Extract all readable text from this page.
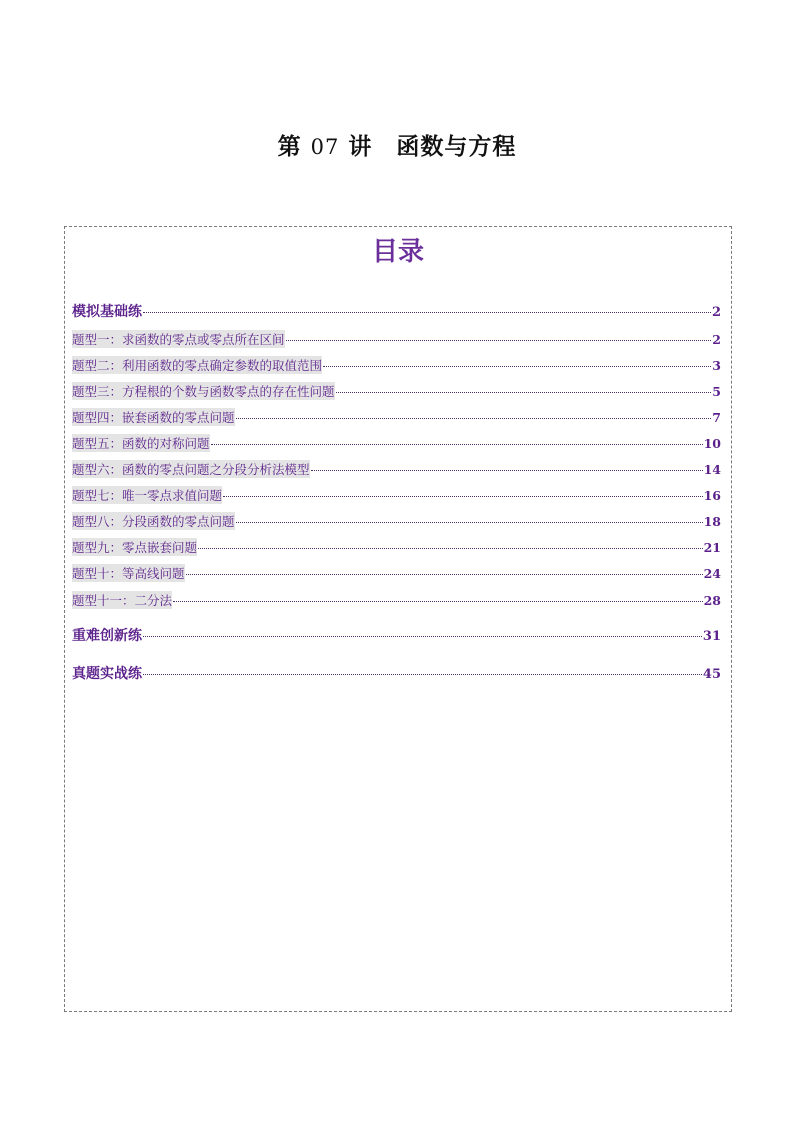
第 07 讲　函数与方程
目录
模拟基础练	2
题型一：求函数的零点或零点所在区间	2
题型二：利用函数的零点确定参数的取值范围	3
题型三：方程根的个数与函数零点的存在性问题	5
题型四：嵌套函数的零点问题	7
题型五：函数的对称问题	10
题型六：函数的零点问题之分段分析法模型	14
题型七：唯一零点求值问题	16
题型八：分段函数的零点问题	18
题型九：零点嵌套问题	21
题型十：等高线问题	24
题型十一：二分法	28
重难创新练	31
真题实战练	45
